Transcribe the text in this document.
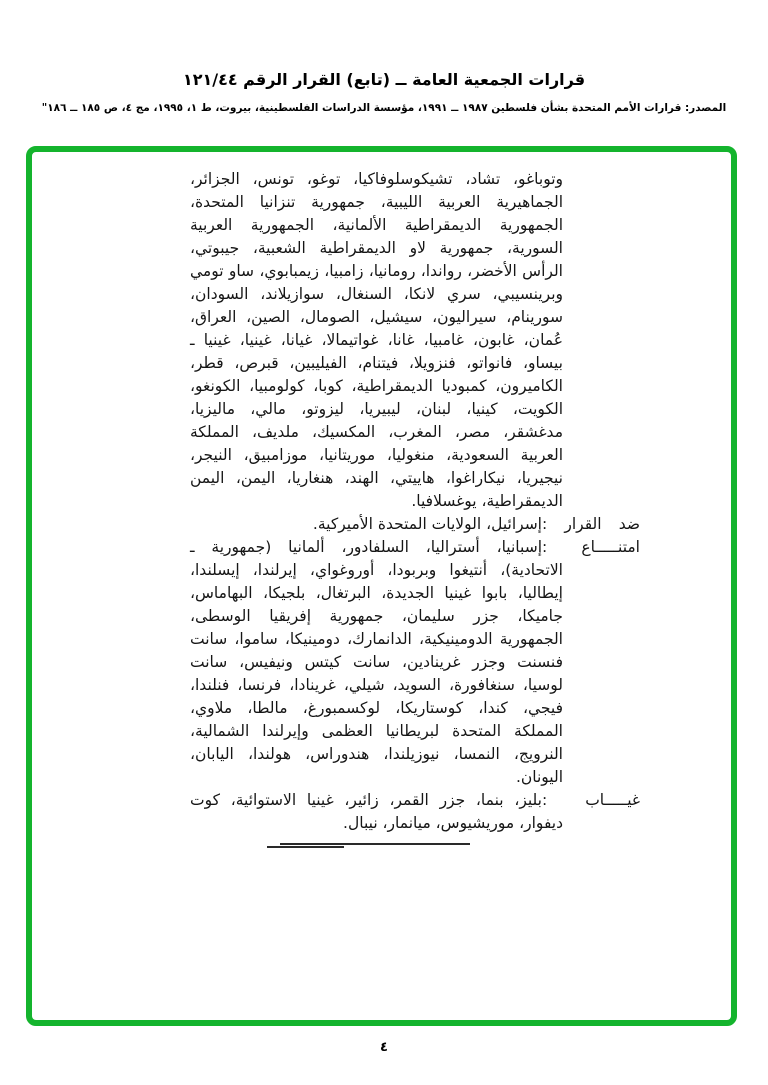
قرارات الجمعية العامة ــ (تابع) القرار الرقم ١٢١/٤٤
المصدر: قرارات الأمم المتحدة بشأن فلسطين ١٩٨٧ ــ ١٩٩١، مؤسسة الدراسات الفلسطينية، بيروت، ط ١، ١٩٩٥، مج ٤، ص ١٨٥ ــ ١٨٦"

وتوباغو، تشاد، تشيكوسلوفاكيا، توغو، تونس، الجزائر، الجماهيرية العربية الليبية، جمهورية تنزانيا المتحدة، الجمهورية الديمقراطية الألمانية، الجمهورية العربية السورية، جمهورية لاو الديمقراطية الشعبية، جيبوتي، الرأس الأخضر، رواندا، رومانيا، زامبيا، زيمبابوي، ساو تومي وبرينسيبي، سري لانكا، السنغال، سوازيلاند، السودان، سورينام، سيراليون، سيشيل، الصومال، الصين، العراق، عُمان، غابون، غامبيا، غانا، غواتيمالا، غيانا، غينيا، غينيا ـ بيساو، فانواتو، فنزويلا، فيتنام، الفيليبين، قبرص، قطر، الكاميرون، كمبوديا الديمقراطية، كوبا، كولومبيا، الكونغو، الكويت، كينيا، لبنان، ليبيريا، ليزوتو، مالي، ماليزيا، مدغشقر، مصر، المغرب، المكسيك، ملديف، المملكة العربية السعودية، منغوليا، موريتانيا، موزامبيق، النيجر، نيجيريا، نيكاراغوا، هاييتي، الهند، هنغاريا، اليمن، اليمن الديمقراطية، يوغسلافيا.

ضد القرار :إسرائيل، الولايات المتحدة الأميركية.

امتنـــــاع :إسبانيا، أستراليا، السلفادور، ألمانيا (جمهورية ـ الاتحادية)، أنتيغوا وبربودا، أوروغواي، إيرلندا، إيسلندا، إيطاليا، بابوا غينيا الجديدة، البرتغال، بلجيكا، البهاماس، جاميكا، جزر سليمان، جمهورية إفريقيا الوسطى، الجمهورية الدومينيكية، الدانمارك، دومينيكا، ساموا، سانت فنسنت وجزر غرينادين، سانت كيتس ونيفيس، سانت لوسيا، سنغافورة، السويد، شيلي، غرينادا، فرنسا، فنلندا، فيجي، كندا، كوستاريكا، لوكسمبورغ، مالطا، ملاوي، المملكة المتحدة لبريطانيا العظمى وإيرلندا الشمالية، النرويج، النمسا، نيوزيلندا، هندوراس، هولندا، اليابان، اليونان.

غيـــــاب :بليز، بنما، جزر القمر، زائير، غينيا الاستوائية، كوت ديفوار، موريشيوس، ميانمار، نيبال.

٤
